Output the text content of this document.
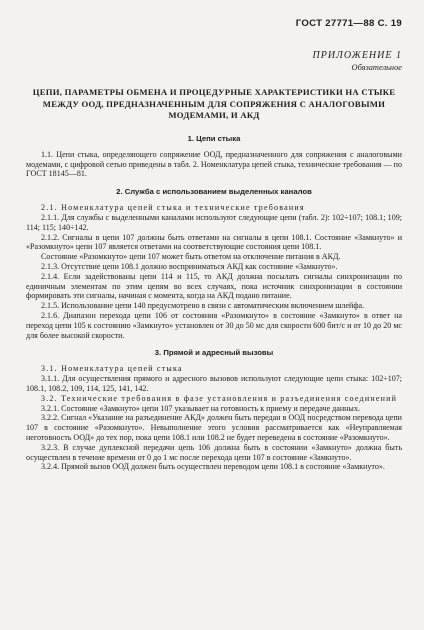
ГОСТ 27771—88 С. 19
ПРИЛОЖЕНИЕ 1
Обязательное
ЦЕПИ, ПАРАМЕТРЫ ОБМЕНА И ПРОЦЕДУРНЫЕ ХАРАКТЕРИСТИКИ НА СТЫКЕ МЕЖДУ ООД, ПРЕДНАЗНАЧЕННЫМ ДЛЯ СОПРЯЖЕНИЯ С АНАЛОГОВЫМИ МОДЕМАМИ, И АКД
1. Цепи стыка

1.1. Цепи стыка, определяющего сопряжение ООД, предназначенного для сопряжения с аналоговыми модемами, с цифровой сетью приведены в табл. 2. Номенклатура цепей стыка, технические требования — по ГОСТ 18145—81.

2. Служба с использованием выделенных каналов

2.1. Номенклатура цепей стыка и технические требования

2.1.1. Для службы с выделенными каналами используют следующие цепи (табл. 2): 102÷107; 108.1; 109; 114; 115; 140÷142.

2.1.2. Сигналы в цепи 107 должны быть ответами на сигналы в цепи 108.1. Состояние «Замкнуто» и «Разомкнуто» цепи 107 является ответами на соответствующие состояния цепи 108.1.

Состояние «Разомкнуто» цепи 107 может быть ответом на отключение питания в АКД.

2.1.3. Отсутствие цепи 108.1 должно восприниматься АКД как состояние «Замкнуто».

2.1.4. Если задействованы цепи 114 и 115, то АКД должна посылать сигналы синхронизации по единичным элементам по этим цепям во всех случаях, пока источник синхронизации в состоянии формировать эти сигналы, начиная с момента, когда на АКД подано питание.

2.1.5. Использование цепи 140 предусмотрено в связи с автоматическим включением шлейфа.

2.1.6. Диапазон перехода цепи 106 от состояния «Разомкнуто» в состояние «Замкнуто» в ответ на переход цепи 105 к состоянию «Замкнуто» установлен от 30 до 50 мс для скорости 600 бит/с и от 10 до 20 мс для более высокой скорости.

3. Прямой и адресный вызовы

3.1. Номенклатура цепей стыка

3.1.1. Для осуществления прямого и адресного вызовов используют следующие цепи стыка: 102÷107; 108.1, 108.2, 109, 114, 125, 141, 142.

3.2. Технические требования в фазе установления и разъединения соединений

3.2.1. Состояние «Замкнуто» цепи 107 указывает на готовность к приему и передаче данных.

3.2.2. Сигнал «Указание на разъединение АКД» должен быть передан в ООД посредством перевода цепи 107 в состояние «Разомкнуто». Невыполнение этого условия рассматривается как «Неуправляемая неготовность ООД» до тех пор, пока цепи 108.1 или 108.2 не будет переведена в состояние «Разомкнуто».

3.2.3. В случае дуплексной передачи цепь 106 должна быть в состоянии «Замкнуто» должна быть осуществлен в течение времени от 0 до 1 мс после перехода цепи 107 в состояние «Замкнуто».

3.2.4. Прямой вызов ООД должен быть осуществлен переводом цепи 108.1 в состояние «Замкнуто».
